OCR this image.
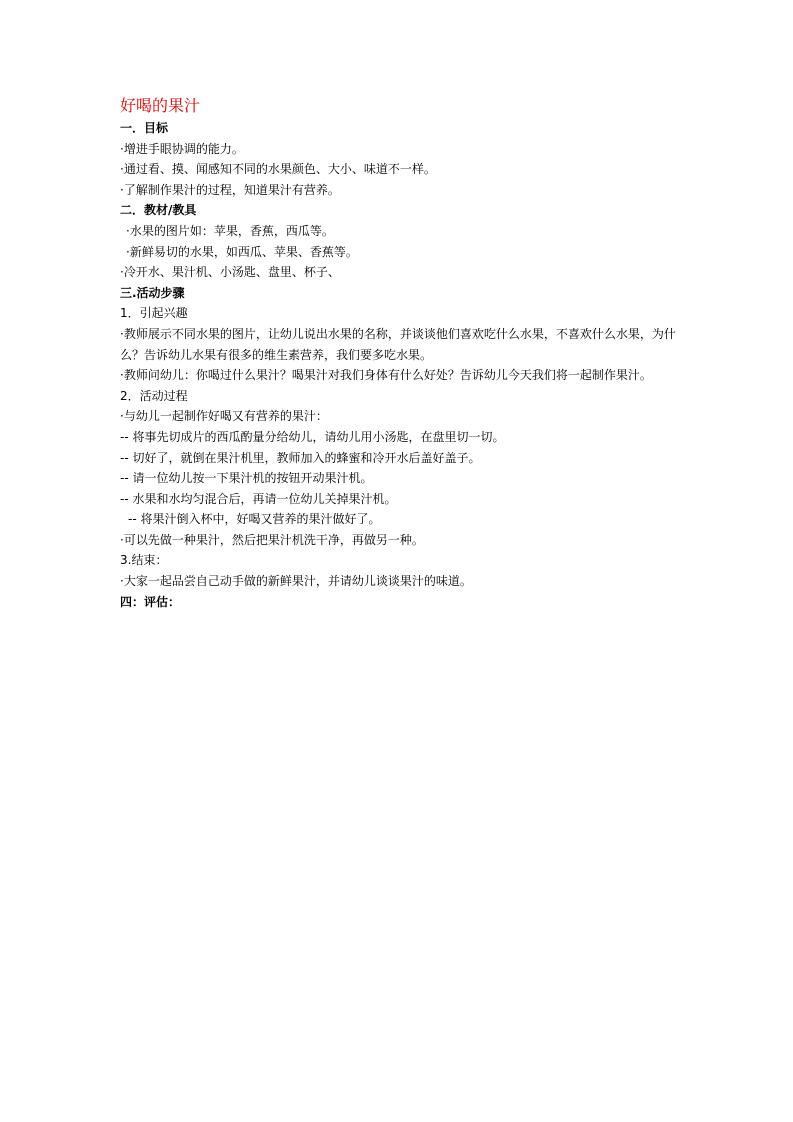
好喝的果汁
一．目标
·增进手眼协调的能力。
·通过看、摸、闻感知不同的水果颜色、大小、味道不一样。
·了解制作果汁的过程，知道果汁有营养。
二．教材/教具
·水果的图片如：苹果，香蕉，西瓜等。
·新鲜易切的水果，如西瓜、苹果、香蕉等。
·冷开水、果汁机、小汤匙、盘里、杯子、
三.活动步骤
1．引起兴趣
·教师展示不同水果的图片，让幼儿说出水果的名称，并谈谈他们喜欢吃什么水果，不喜欢什么水果，为什么？告诉幼儿水果有很多的维生素营养，我们要多吃水果。
·教师问幼儿：你喝过什么果汁？喝果汁对我们身体有什么好处？告诉幼儿今天我们将一起制作果汁。
2．活动过程
·与幼儿一起制作好喝又有营养的果汁：
-- 将事先切成片的西瓜酌量分给幼儿，请幼儿用小汤匙，在盘里切一切。
-- 切好了，就倒在果汁机里，教师加入的蜂蜜和冷开水后盖好盖子。
-- 请一位幼儿按一下果汁机的按钮开动果汁机。
-- 水果和水均匀混合后，再请一位幼儿关掉果汁机。
-- 将果汁倒入杯中，好喝又营养的果汁做好了。
·可以先做一种果汁，然后把果汁机洗干净，再做另一种。
3.结束：
·大家一起品尝自己动手做的新鲜果汁，并请幼儿谈谈果汁的味道。
四：评估：
